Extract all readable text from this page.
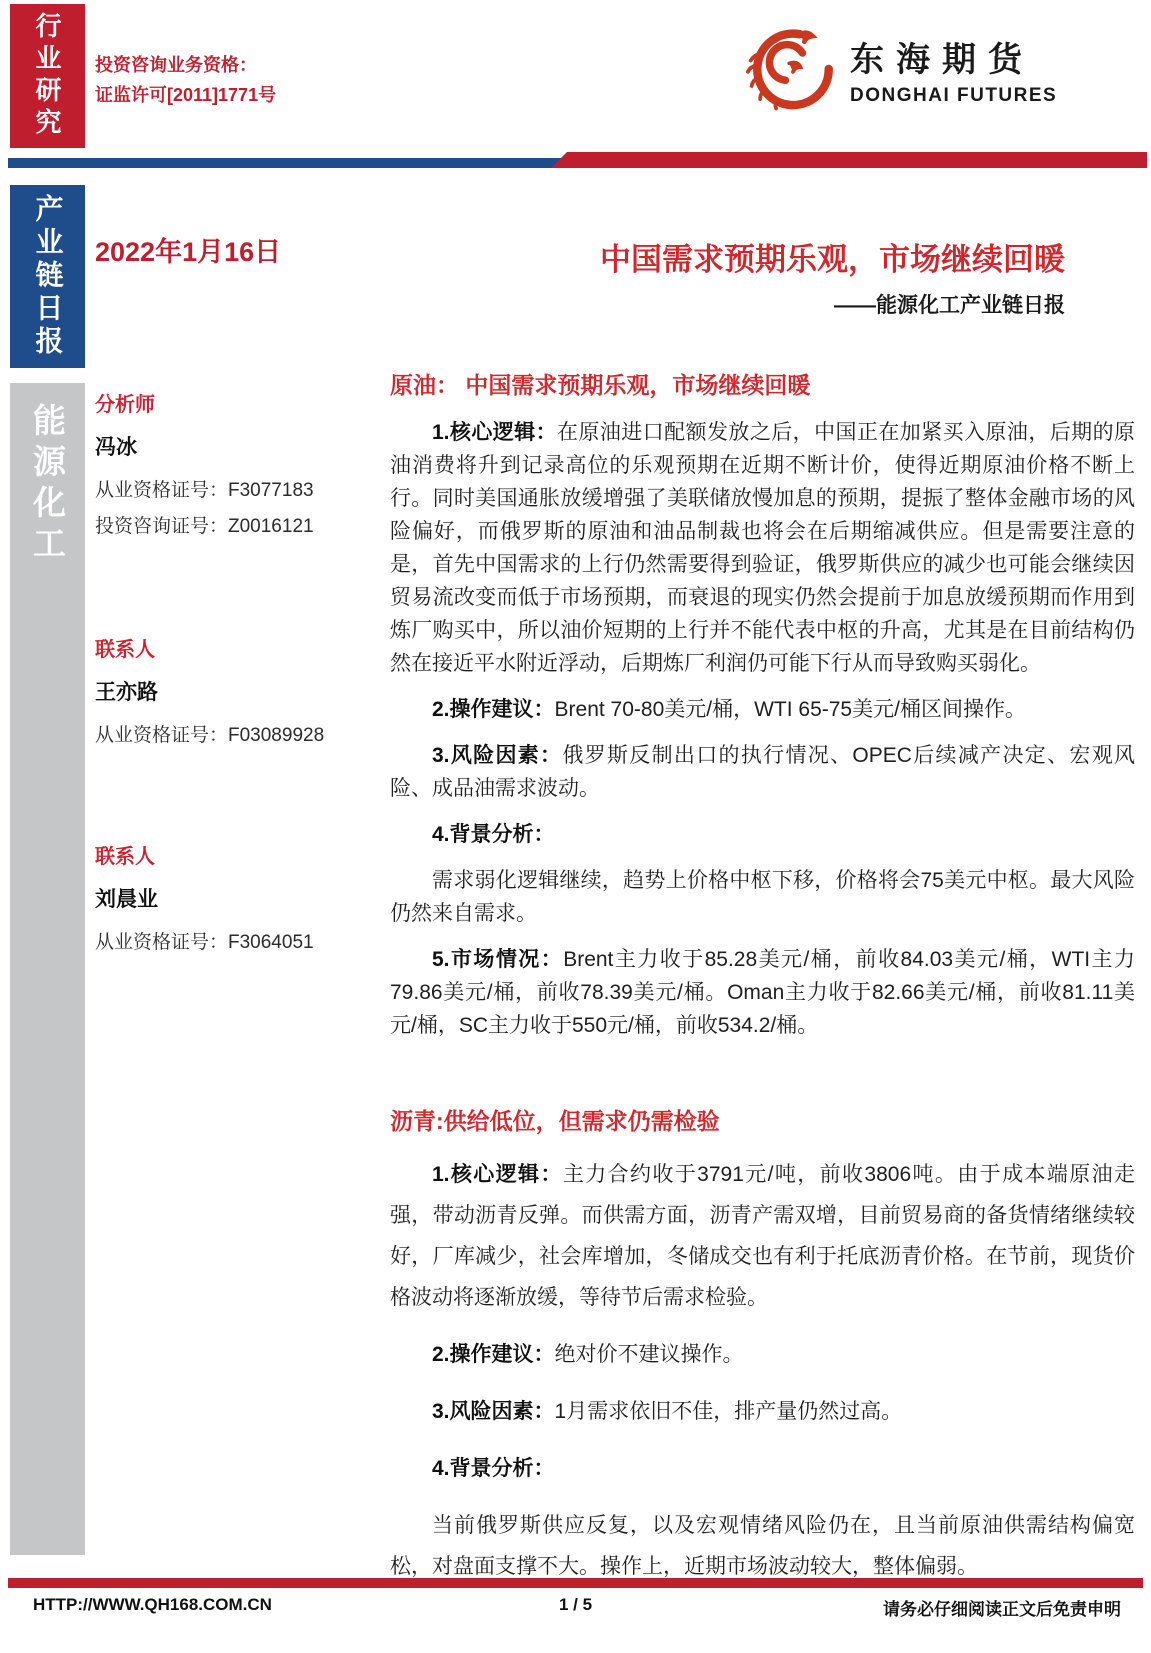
行业研究
产业链日报
能源化工
投资咨询业务资格：
证监许可[2011]1771号
东海期货
DONGHAI FUTURES
2022年1月16日	中国需求预期乐观，市场继续回暖
——能源化工产业链日报
分析师
冯冰
从业资格证号：F3077183
投资咨询证号：Z0016121
联系人
王亦路
从业资格证号：F03089928
联系人
刘晨业
从业资格证号：F3064051
原油： 中国需求预期乐观，市场继续回暖

1.核心逻辑：在原油进口配额发放之后，中国正在加紧买入原油，后期的原油消费将升到记录高位的乐观预期在近期不断计价，使得近期原油价格不断上行。同时美国通胀放缓增强了美联储放慢加息的预期，提振了整体金融市场的风险偏好，而俄罗斯的原油和油品制裁也将会在后期缩减供应。但是需要注意的是，首先中国需求的上行仍然需要得到验证，俄罗斯供应的减少也可能会继续因贸易流改变而低于市场预期，而衰退的现实仍然会提前于加息放缓预期而作用到炼厂购买中，所以油价短期的上行并不能代表中枢的升高，尤其是在目前结构仍然在接近平水附近浮动，后期炼厂利润仍可能下行从而导致购买弱化。

2.操作建议：Brent 70-80美元/桶，WTI 65-75美元/桶区间操作。

3.风险因素：俄罗斯反制出口的执行情况、OPEC后续减产决定、宏观风险、成品油需求波动。

4.背景分析：

需求弱化逻辑继续，趋势上价格中枢下移，价格将会75美元中枢。最大风险仍然来自需求。

5.市场情况：Brent主力收于85.28美元/桶，前收84.03美元/桶，WTI主力79.86美元/桶，前收78.39美元/桶。Oman主力收于82.66美元/桶，前收81.11美元/桶，SC主力收于550元/桶，前收534.2/桶。

沥青:供给低位，但需求仍需检验

1.核心逻辑：主力合约收于3791元/吨，前收3806吨。由于成本端原油走强，带动沥青反弹。而供需方面，沥青产需双增，目前贸易商的备货情绪继续较好，厂库减少，社会库增加，冬储成交也有利于托底沥青价格。在节前，现货价格波动将逐渐放缓，等待节后需求检验。

2.操作建议：绝对价不建议操作。

3.风险因素：1月需求依旧不佳，排产量仍然过高。

4.背景分析：

当前俄罗斯供应反复，以及宏观情绪风险仍在，且当前原油供需结构偏宽松，对盘面支撑不大。操作上，近期市场波动较大，整体偏弱。

HTTP://WWW.QH168.COM.CN	1 / 5	请务必仔细阅读正文后免责申明
